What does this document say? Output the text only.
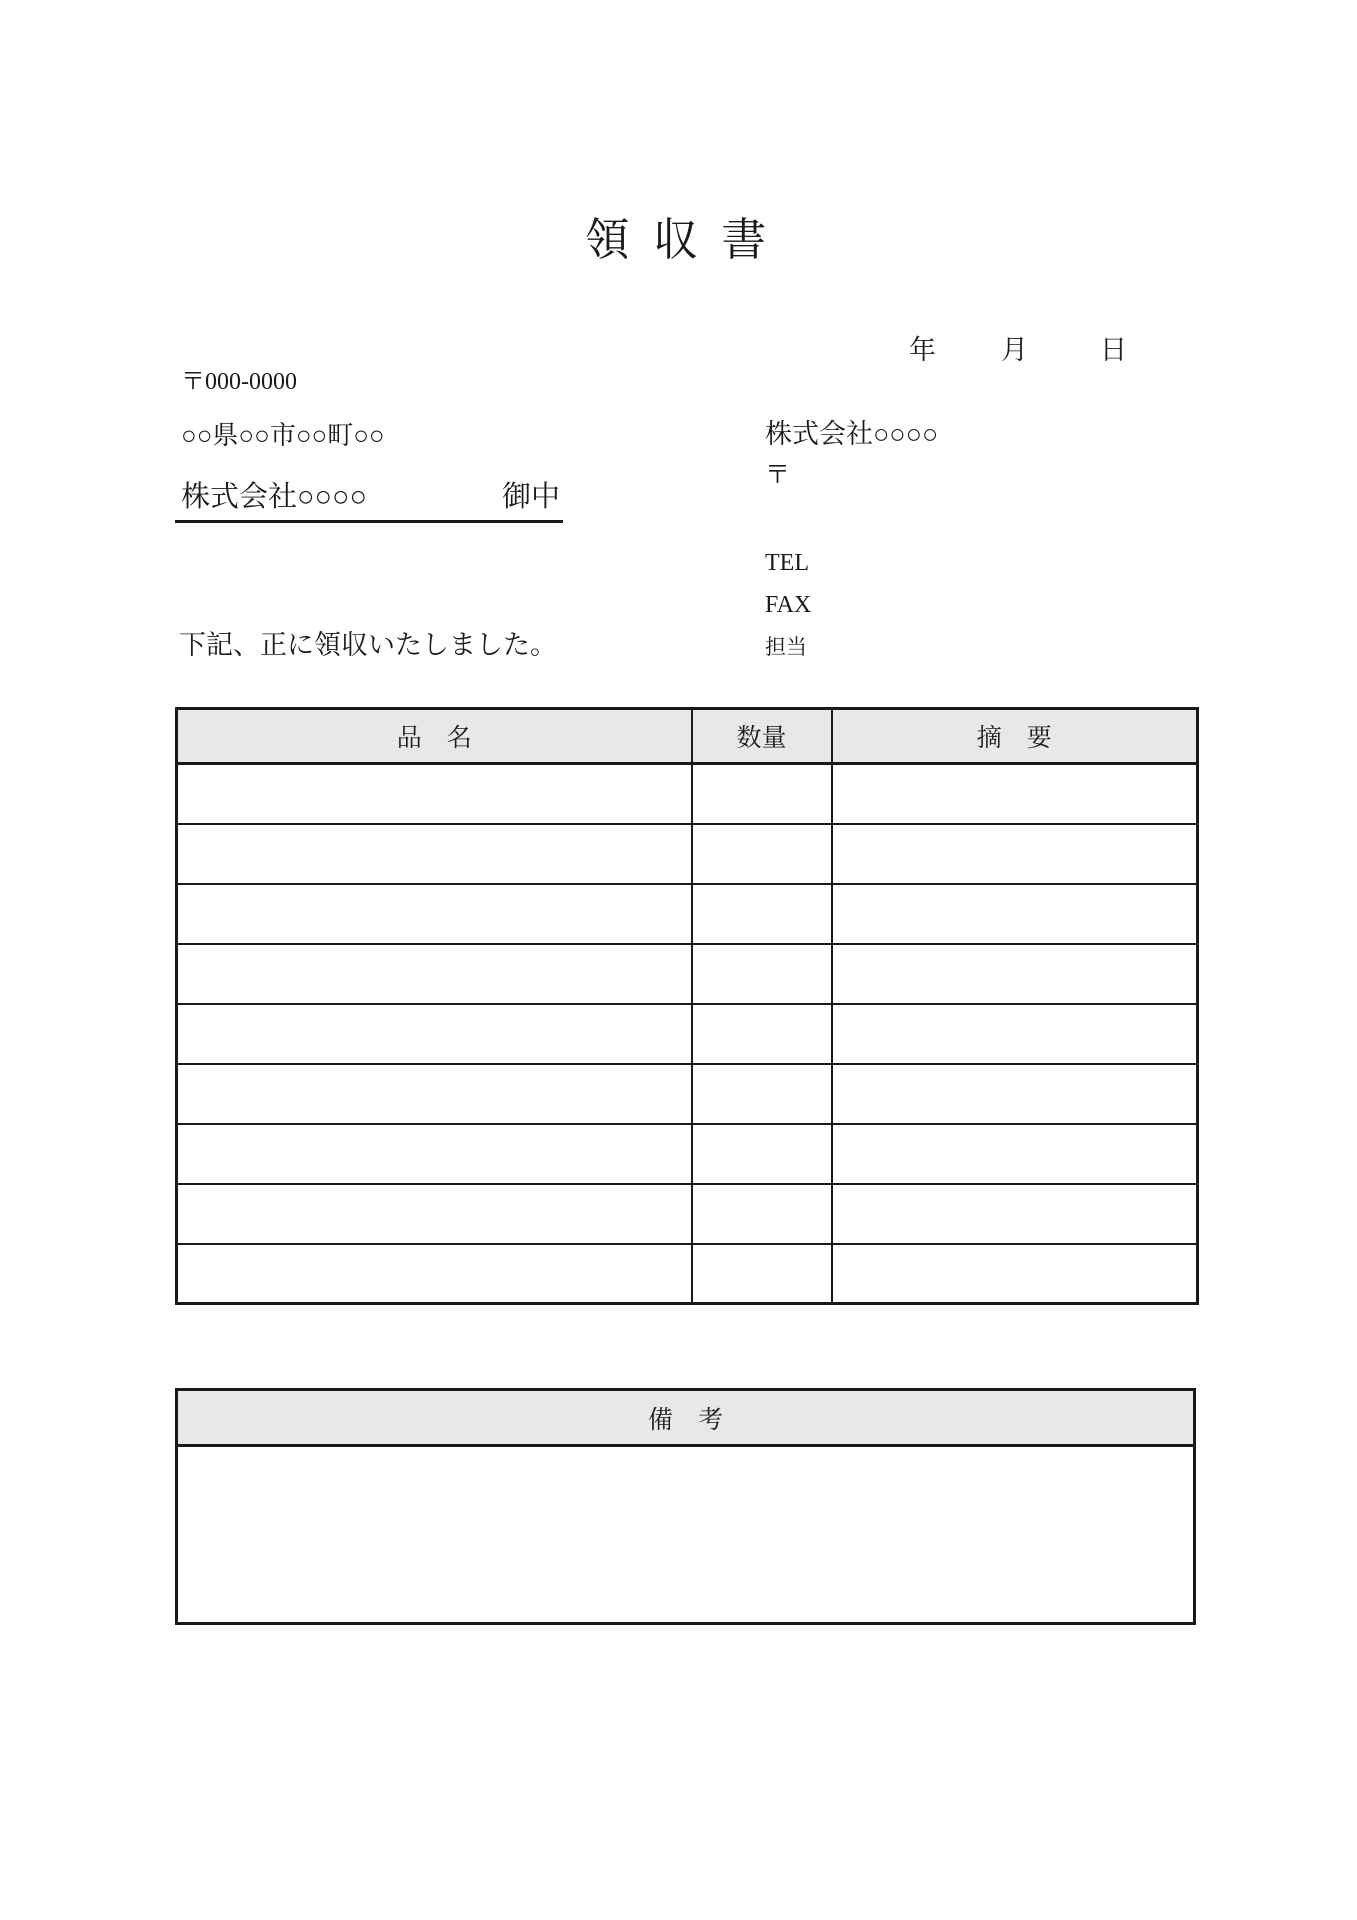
領 収 書
年 月	日
〒000-0000
○○県○○市○○町○○
株式会社○○○○	御中
株式会社○○○○
〒
TEL
FAX
担当
下記、正に領収いたしました。
品　名	数量	摘　要

備　考
